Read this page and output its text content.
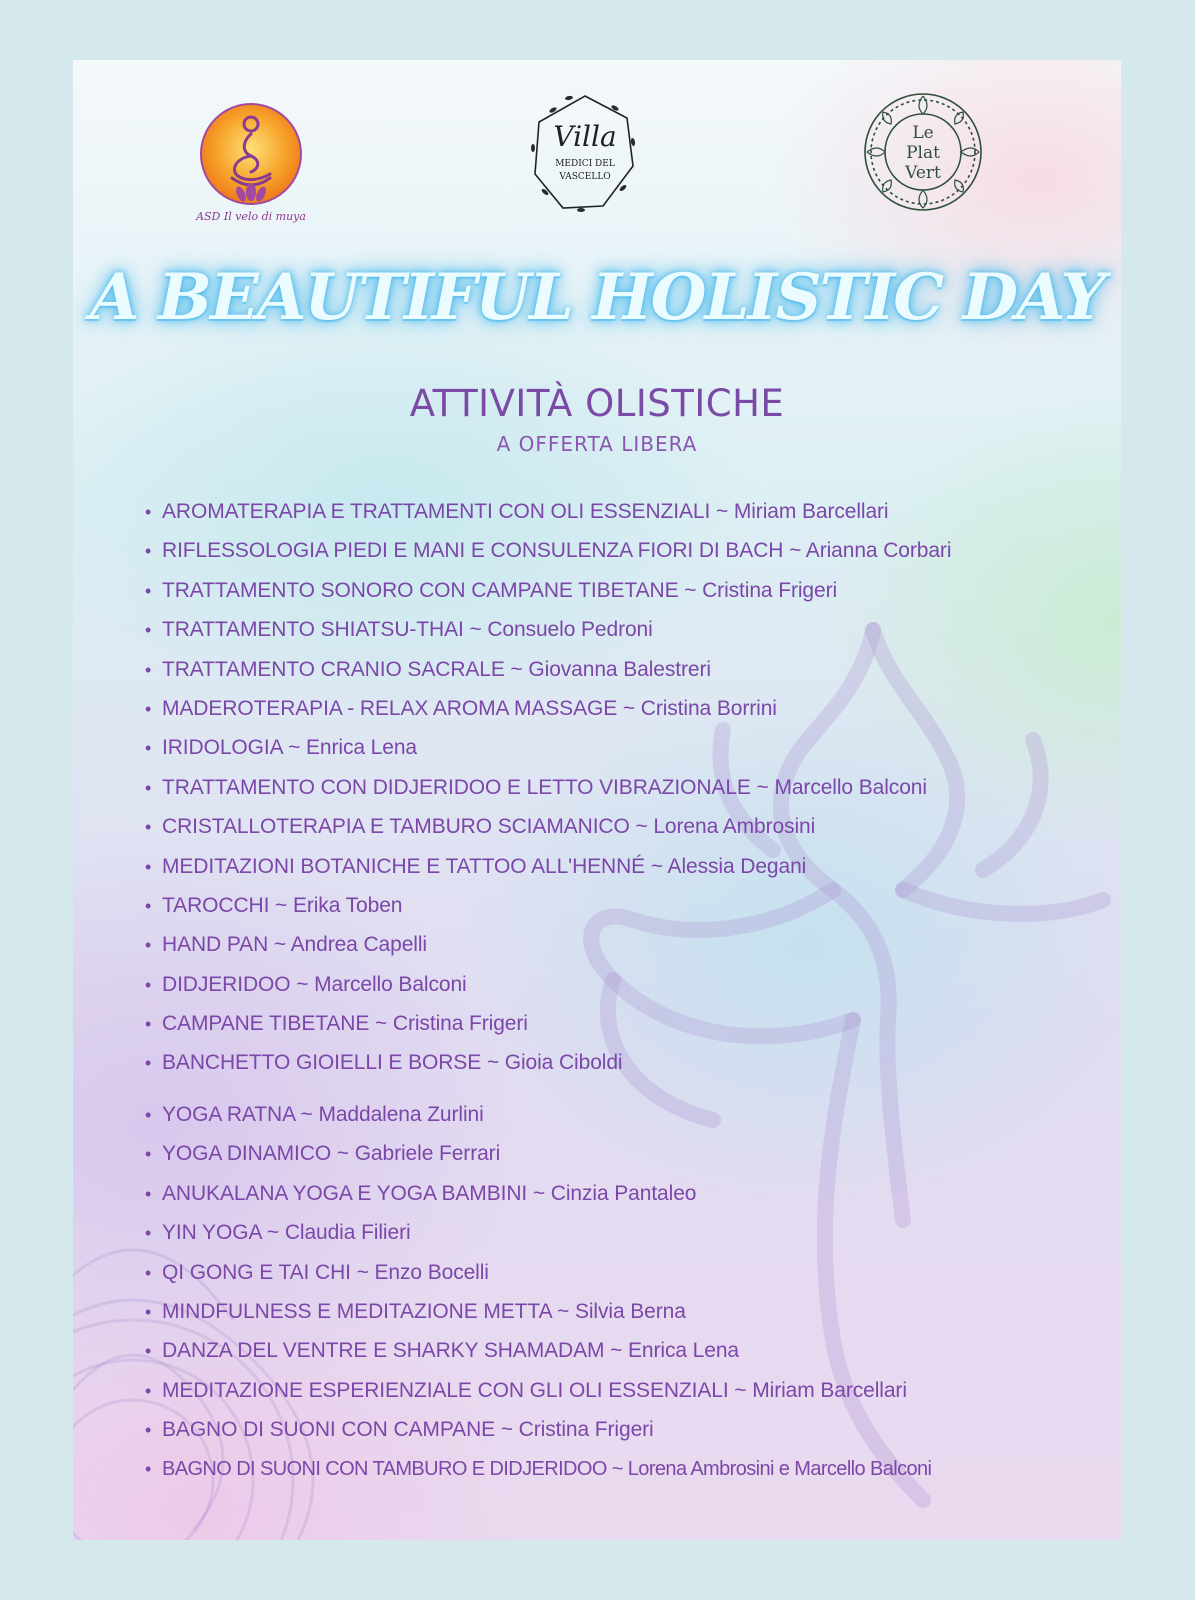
ASD Il velo di muya
Villa
MEDICI DEL
VASCELLO
Le
Plat
Vert
A BEAUTIFUL HOLISTIC DAY
ATTIVITÀ OLISTICHE
A OFFERTA LIBERA
• AROMATERAPIA E TRATTAMENTI CON OLI ESSENZIALI ~ Miriam Barcellari
• RIFLESSOLOGIA PIEDI E MANI E CONSULENZA FIORI DI BACH ~ Arianna Corbari
• TRATTAMENTO SONORO CON CAMPANE TIBETANE ~ Cristina Frigeri
• TRATTAMENTO SHIATSU-THAI ~ Consuelo Pedroni
• TRATTAMENTO CRANIO SACRALE ~ Giovanna Balestreri
• MADEROTERAPIA - RELAX AROMA MASSAGE ~ Cristina Borrini
• IRIDOLOGIA ~ Enrica Lena
• TRATTAMENTO CON DIDJERIDOO E LETTO VIBRAZIONALE ~ Marcello Balconi
• CRISTALLOTERAPIA E TAMBURO SCIAMANICO ~ Lorena Ambrosini
• MEDITAZIONI BOTANICHE E TATTOO ALL'HENNÉ ~ Alessia Degani
• TAROCCHI ~ Erika Toben
• HAND PAN ~ Andrea Capelli
• DIDJERIDOO ~ Marcello Balconi
• CAMPANE TIBETANE ~ Cristina Frigeri
• BANCHETTO GIOIELLI E BORSE ~ Gioia Ciboldi
• YOGA RATNA ~ Maddalena Zurlini
• YOGA DINAMICO ~ Gabriele Ferrari
• ANUKALANA YOGA E YOGA BAMBINI ~ Cinzia Pantaleo
• YIN YOGA ~ Claudia Filieri
• QI GONG E TAI CHI ~ Enzo Bocelli
• MINDFULNESS E MEDITAZIONE METTA ~ Silvia Berna
• DANZA DEL VENTRE E SHARKY SHAMADAM ~ Enrica Lena
• MEDITAZIONE ESPERIENZIALE CON GLI OLI ESSENZIALI ~ Miriam Barcellari
• BAGNO DI SUONI CON CAMPANE ~ Cristina Frigeri
• BAGNO DI SUONI CON TAMBURO E DIDJERIDOO ~ Lorena Ambrosini e Marcello Balconi
